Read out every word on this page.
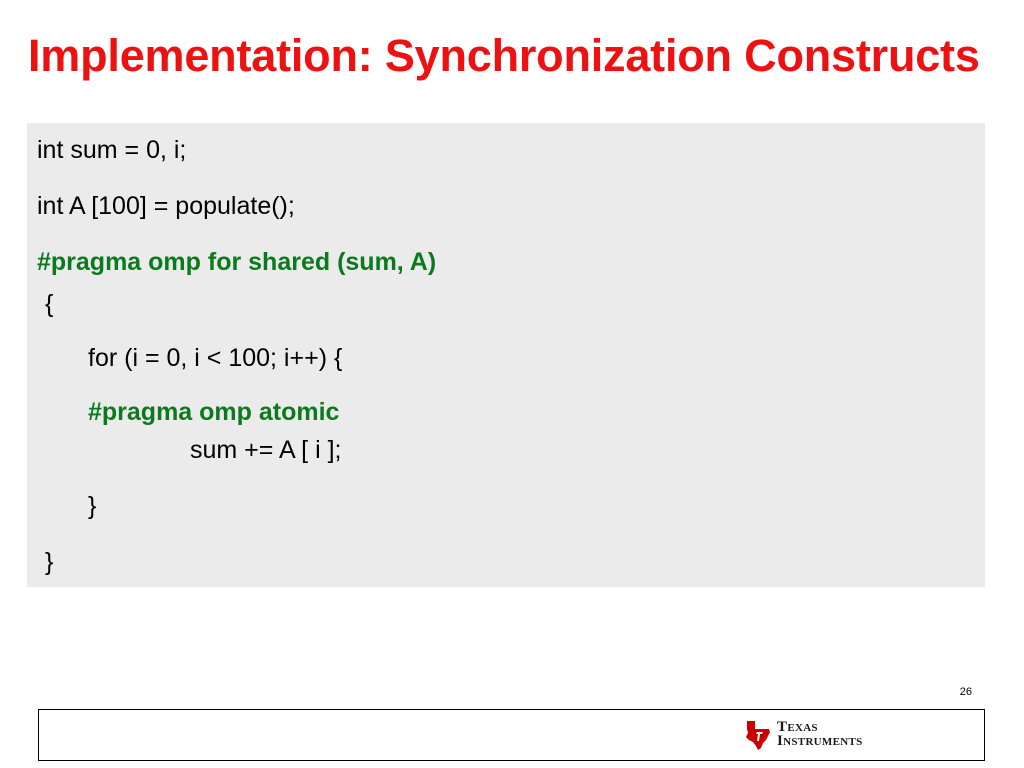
Implementation: Synchronization Constructs
int sum = 0, i;
int A [100] = populate();
#pragma omp for shared (sum, A)
{
for (i = 0, i < 100; i++) {
#pragma omp atomic
sum += A [ i ];
}
}
26
TEXAS
INSTRUMENTS
